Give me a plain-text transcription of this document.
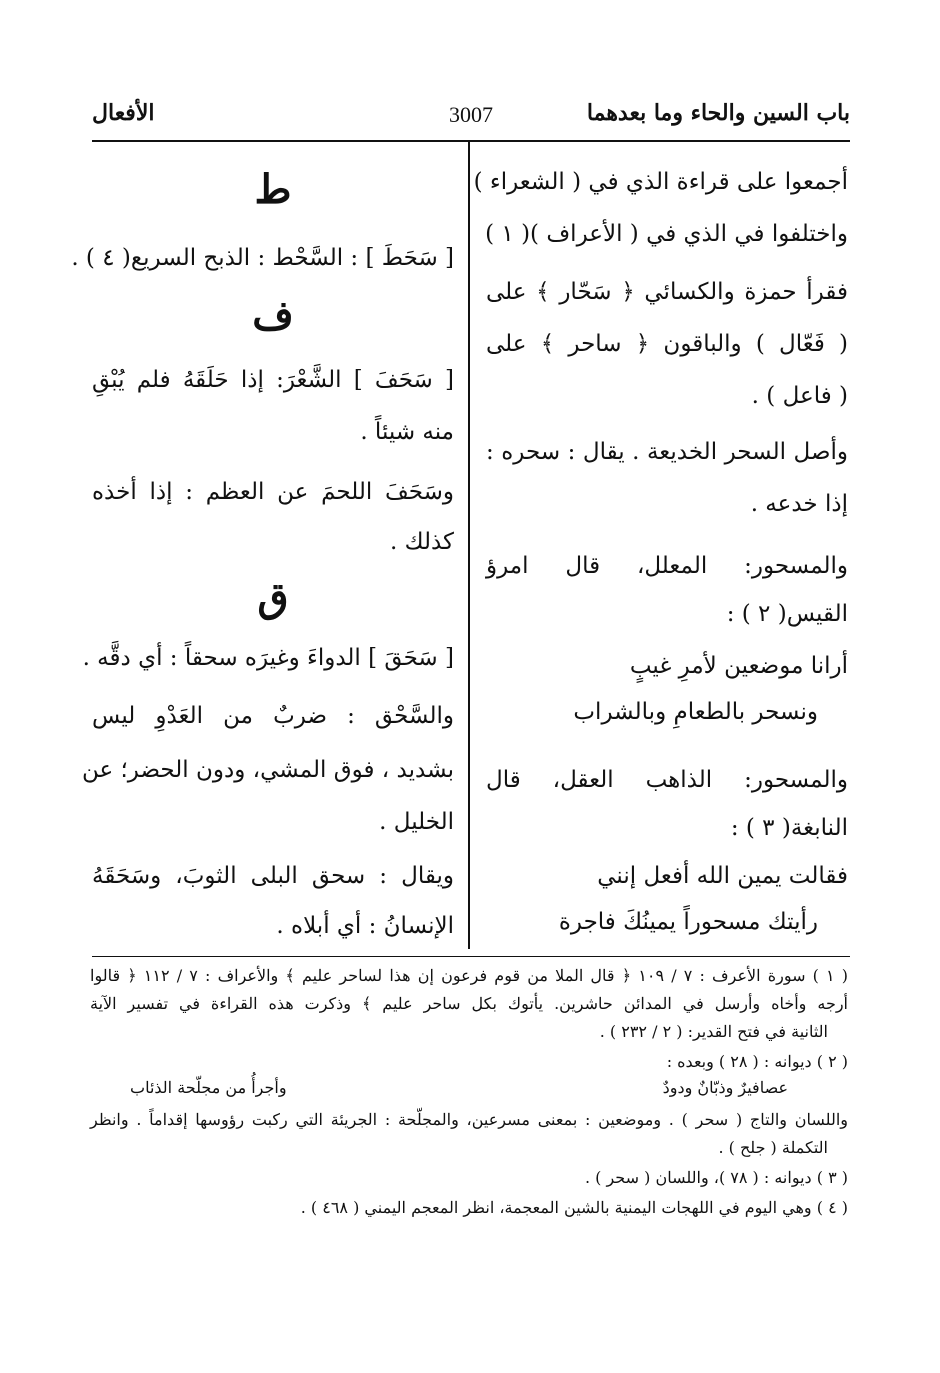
باب السين والحاء وما بعدهما
3007
الأفعال
أجمعوا على قراءة الذي في ( الشعراء )
واختلفوا في الذي في ( الأعراف )( ١ )
فقرأ حمزة والكسائي ﴿ سَحّار ﴾ على
( فَعّال ) والباقون ﴿ ساحر ﴾ على
( فاعل ) .
وأصل السحر الخديعة . يقال : سحره :
إذا خدعه .
والمسحور: المعلل، قال امرؤ
القيس( ٢ ) :
أرانا موضعين لأمرِ غيبٍ
ونسحر بالطعامِ وبالشراب
والمسحور: الذاهب العقل، قال
النابغة( ٣ ) :
فقالت يمين الله أفعل إنني
رأيتك مسحوراً يمينُكَ فاجرة
ط
[ سَحَطَ ] : السَّحْط : الذبح السريع( ٤ ) .
ف
[ سَحَفَ ] الشَّعْرَ: إذا حَلَقَهُ فلم يُبْقِ
منه شيئاً .
وسَحَفَ اللحمَ عن العظم : إذا أخذه
كذلك .
ق
[ سَحَقَ ] الدواءَ وغيرَه سحقاً : أي دقَّه .
والسَّحْق : ضربٌ من العَدْوِ ليس
بشديد ، فوق المشي، ودون الحضر؛ عن
الخليل .
ويقال : سحق البلى الثوبَ، وسَحَقَهُ
الإنسانُ : أي أبلاه .
( ١ ) سورة الأعرف : ٧ / ١٠٩ ﴿ قال الملا من قوم فرعون إن هذا لساحر عليم ﴾ والأعراف : ٧ / ١١٢ ﴿ قالوا
أرجه وأخاه وأرسل في المدائن حاشرين. يأتوك بكل ساحر عليم ﴾ وذكرت هذه القراءة في تفسير الآية
الثانية في فتح القدير: ( ٢ / ٢٣٢ ) .
( ٢ ) ديوانه : ( ٢٨ ) وبعده :
عصافيرٌ وذبّانٌ ودودٌ
وأجرأُ من مجلّحة الذئاب
واللسان والتاج ( سحر ) . وموضعين : بمعنى مسرعين، والمجلّحة : الجريئة التي ركبت رؤوسها إقداماً . وانظر
التكملة ( جلح ) .
( ٣ ) ديوانه : ( ٧٨ )، واللسان ( سحر ) .
( ٤ ) وهي اليوم في اللهجات اليمنية بالشين المعجمة، انظر المعجم اليمني ( ٤٦٨ ) .
